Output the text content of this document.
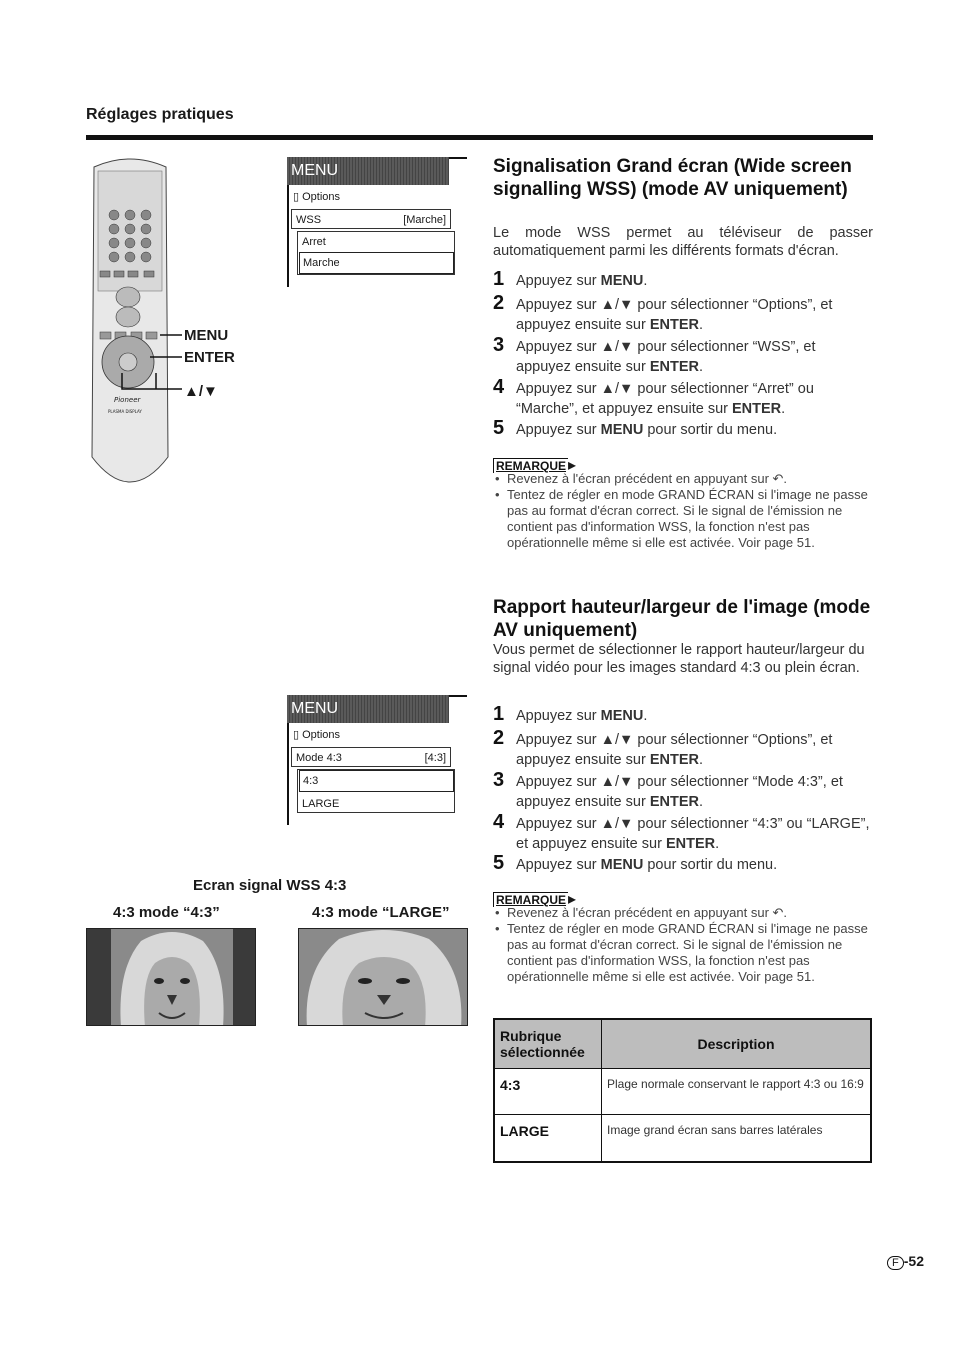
Réglages pratiques
Pioneer
PLASMA DISPLAY
MENU
ENTER
▲/▼
MENU
▯ Options
WSS	[Marche]
Arret
Marche
MENU
▯ Options
Mode 4:3	[4:3]
4:3
LARGE
Signalisation Grand écran (Wide screen signalling WSS) (mode AV uniquement)
Le mode WSS permet au téléviseur de passer automatiquement parmi les différents formats d'écran.
1 Appuyez sur MENU.
2 Appuyez sur ▲/▼ pour sélectionner “Options”, et appuyez ensuite sur ENTER.
3 Appuyez sur ▲/▼ pour sélectionner “WSS”, et appuyez ensuite sur ENTER.
4 Appuyez sur ▲/▼ pour sélectionner “Arret” ou “Marche”, et appuyez ensuite sur ENTER.
5 Appuyez sur MENU pour sortir du menu.
REMARQUE ▸
• Revenez à l'écran précédent en appuyant sur ↶.
• Tentez de régler en mode GRAND ÉCRAN si l'image ne passe pas au format d'écran correct. Si le signal de l'émission ne contient pas d'information WSS, la fonction n'est pas opérationnelle même si elle est activée. Voir page 51.
Rapport hauteur/largeur de l'image (mode AV uniquement)
Vous permet de sélectionner le rapport hauteur/largeur du signal vidéo pour les images standard 4:3 ou plein écran.
1 Appuyez sur MENU.
2 Appuyez sur ▲/▼ pour sélectionner “Options”, et appuyez ensuite sur ENTER.
3 Appuyez sur ▲/▼ pour sélectionner “Mode 4:3”, et appuyez ensuite sur ENTER.
4 Appuyez sur ▲/▼ pour sélectionner “4:3” ou “LARGE”, et appuyez ensuite sur ENTER.
5 Appuyez sur MENU pour sortir du menu.
REMARQUE ▸
• Revenez à l'écran précédent en appuyant sur ↶.
• Tentez de régler en mode GRAND ÉCRAN si l'image ne passe pas au format d'écran correct. Si le signal de l'émission ne contient pas d'information WSS, la fonction n'est pas opérationnelle même si elle est activée. Voir page 51.
Ecran signal WSS 4:3
4:3 mode “4:3”	4:3 mode “LARGE”
Rubrique sélectionnée	Description
4:3	Plage normale conservant le rapport 4:3 ou 16:9
LARGE	Image grand écran sans barres latérales
F -52
